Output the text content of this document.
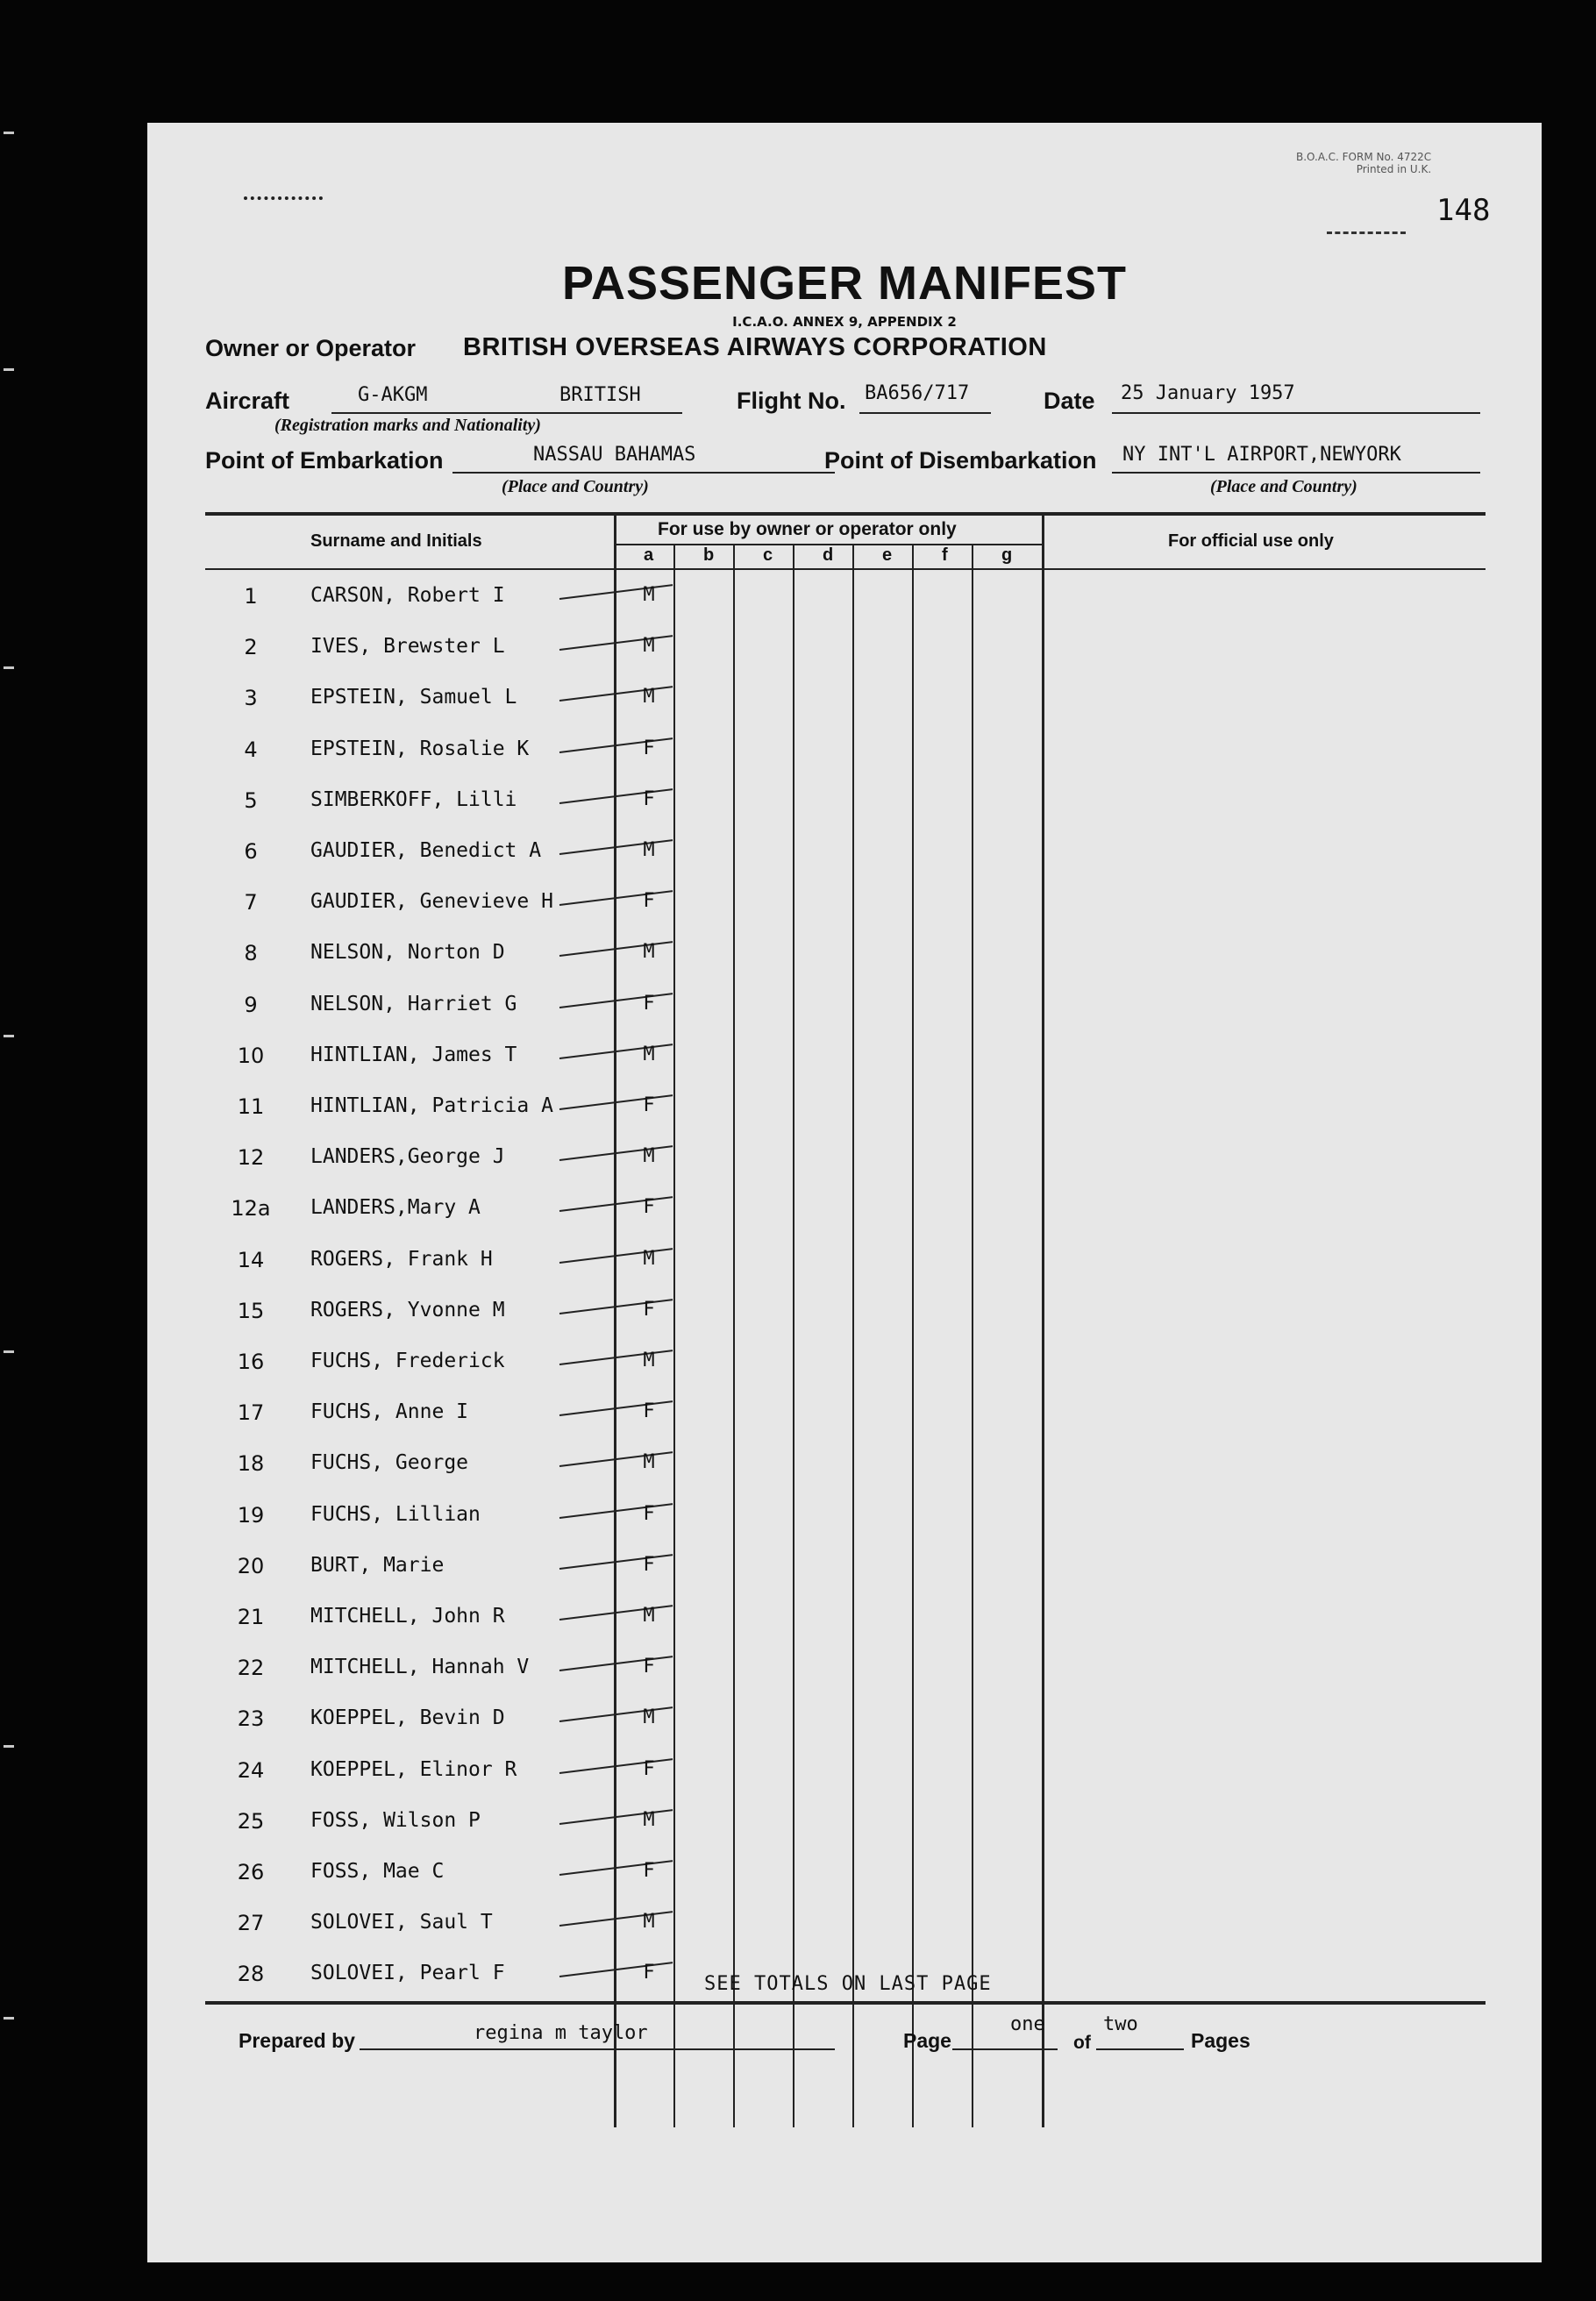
B.O.A.C. FORM No. 4722C
Printed in U.K.
148
PASSENGER MANIFEST
I.C.A.O. ANNEX 9, APPENDIX 2
Owner or Operator BRITISH OVERSEAS AIRWAYS CORPORATION
Aircraft	G-AKGM	BRITISH
(Registration marks and Nationality)
Flight No. BA656/717	Date 25 January 1957
Point of Embarkation	NASSAU BAHAMAS
(Place and Country)
Point of Disembarkation NY INT'L AIRPORT,NEWYORK
(Place and Country)
Surname and Initials
For use by owner or operator only
For official use only
a	b	c	d	e	f	g
1	CARSON, Robert I	M
2	IVES, Brewster L	M
3	EPSTEIN, Samuel L	M
4	EPSTEIN, Rosalie K	F
5	SIMBERKOFF, Lilli	F
6	GAUDIER, Benedict A	M
7	GAUDIER, Genevieve H	F
8	NELSON, Norton D	M
9	NELSON, Harriet G	F
10	HINTLIAN, James T	M
11	HINTLIAN, Patricia A	F
12	LANDERS,George J	M
12a LANDERS,Mary A	F
14	ROGERS, Frank H	M
15	ROGERS, Yvonne M	F
16	FUCHS, Frederick	M
17	FUCHS, Anne I	F
18	FUCHS, George	M
19	FUCHS, Lillian	F
20	BURT, Marie	F
21	MITCHELL, John R	M
22	MITCHELL, Hannah V	F
23	KOEPPEL, Bevin D	M
24	KOEPPEL, Elinor R	F
25	FOSS, Wilson P	M
26	FOSS, Mae C	F
27	SOLOVEI, Saul T	M
28	SOLOVEI, Pearl F	F
SEE TOTALS ON LAST PAGE
Prepared by	regina m taylor	Page
one
of
two
Pages
